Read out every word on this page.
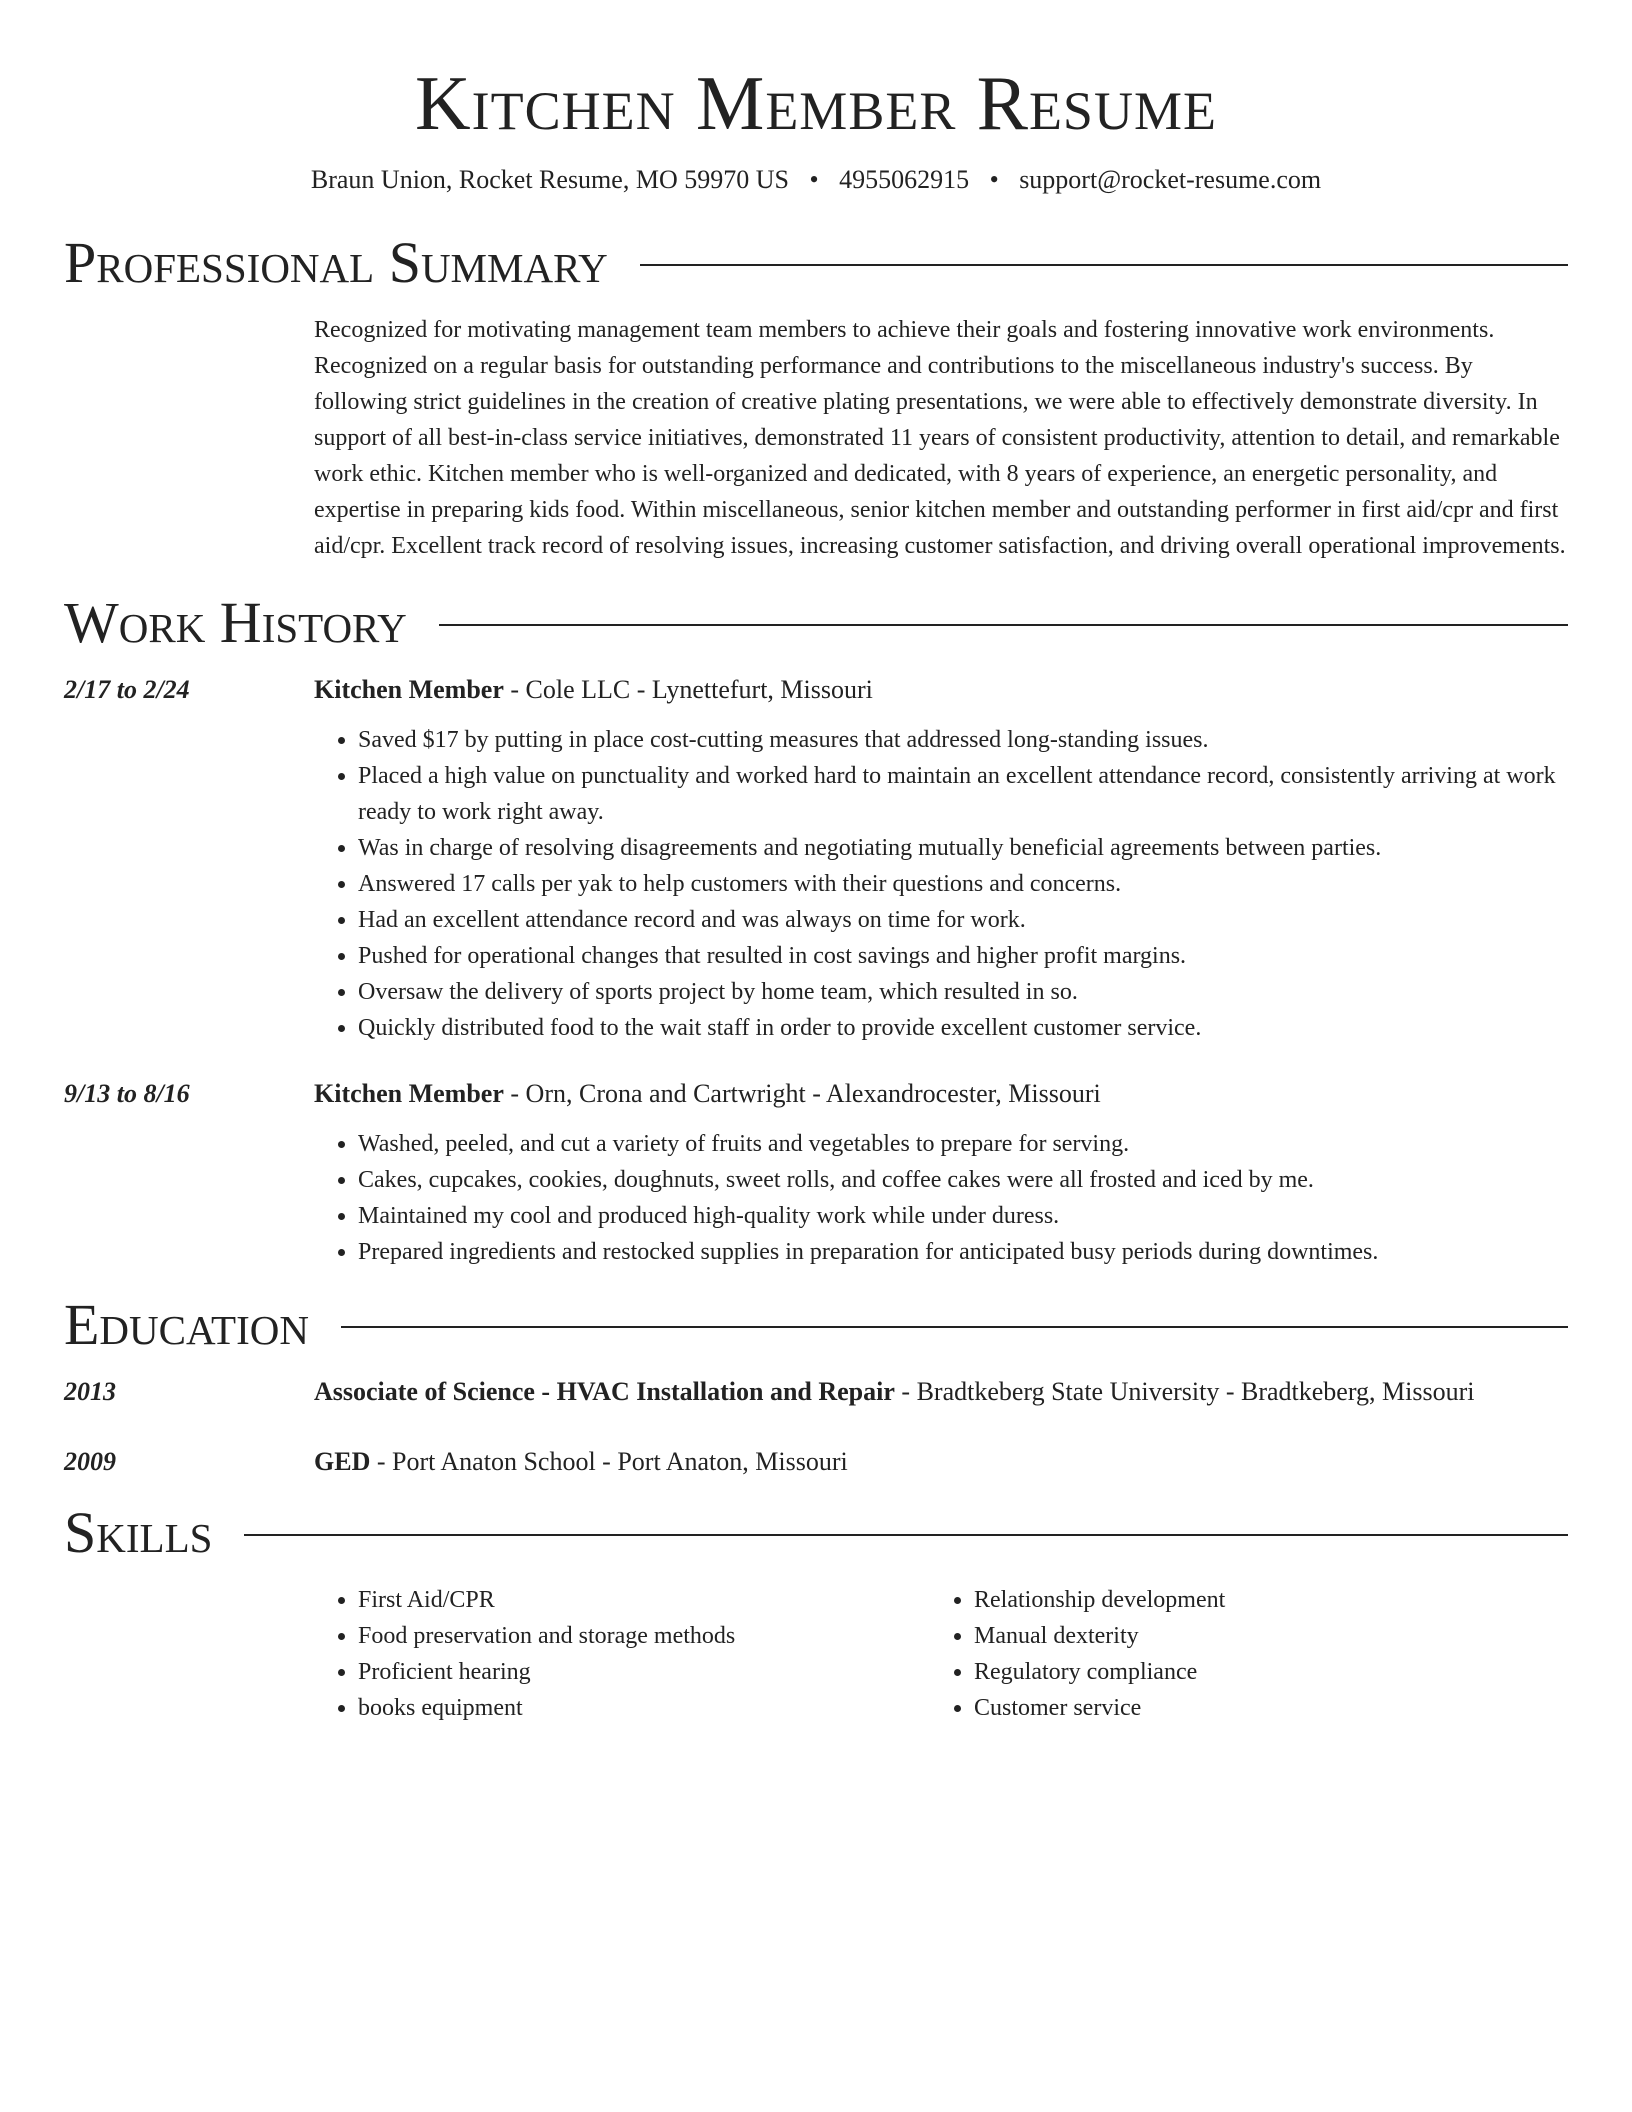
Kitchen Member Resume
Braun Union, Rocket Resume, MO 59970 US • 4955062915 • support@rocket-resume.com
Professional Summary

Recognized for motivating management team members to achieve their goals and fostering innovative work environments. Recognized on a regular basis for outstanding performance and contributions to the miscellaneous industry's success. By following strict guidelines in the creation of creative plating presentations, we were able to effectively demonstrate diversity. In support of all best-in-class service initiatives, demonstrated 11 years of consistent productivity, attention to detail, and remarkable work ethic. Kitchen member who is well-organized and dedicated, with 8 years of experience, an energetic personality, and expertise in preparing kids food. Within miscellaneous, senior kitchen member and outstanding performer in first aid/cpr and first aid/cpr. Excellent track record of resolving issues, increasing customer satisfaction, and driving overall operational improvements.

Work History
2/17 to 2/24	Kitchen Member - Cole LLC - Lynettefurt, Missouri
• Saved $17 by putting in place cost-cutting measures that addressed long-standing issues.
• Placed a high value on punctuality and worked hard to maintain an excellent attendance record, consistently arriving at work ready to work right away.
• Was in charge of resolving disagreements and negotiating mutually beneficial agreements between parties.
• Answered 17 calls per yak to help customers with their questions and concerns.
• Had an excellent attendance record and was always on time for work.
• Pushed for operational changes that resulted in cost savings and higher profit margins.
• Oversaw the delivery of sports project by home team, which resulted in so.
• Quickly distributed food to the wait staff in order to provide excellent customer service.
9/13 to 8/16	Kitchen Member - Orn, Crona and Cartwright - Alexandrocester, Missouri
• Washed, peeled, and cut a variety of fruits and vegetables to prepare for serving.
• Cakes, cupcakes, cookies, doughnuts, sweet rolls, and coffee cakes were all frosted and iced by me.
• Maintained my cool and produced high-quality work while under duress.
• Prepared ingredients and restocked supplies in preparation for anticipated busy periods during downtimes.
Education
2013	Associate of Science - HVAC Installation and Repair - Bradtkeberg State University - Bradtkeberg, Missouri
2009	GED - Port Anaton School - Port Anaton, Missouri
Skills
• First Aid/CPR
• Food preservation and storage methods
• Proficient hearing
• books equipment
• Relationship development
• Manual dexterity
• Regulatory compliance
• Customer service
